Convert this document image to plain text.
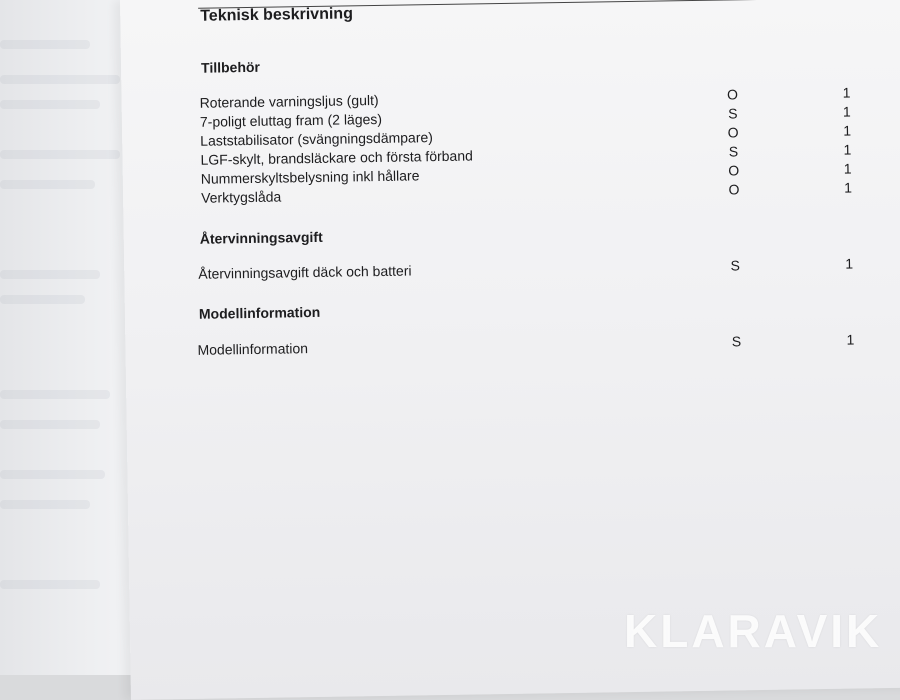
Teknisk beskrivning
Tillbehör
Roterande varningsljus (gult)	O	1
7-poligt eluttag fram (2 läges)	S	1
Laststabilisator (svängningsdämpare)	O	1
LGF-skylt, brandsläckare och första förband	S	1
Nummerskyltsbelysning inkl hållare	O	1
Verktygslåda	O	1
Återvinningsavgift
Återvinningsavgift däck och batteri	S	1
Modellinformation
Modellinformation	S	1
KLARAVIK
